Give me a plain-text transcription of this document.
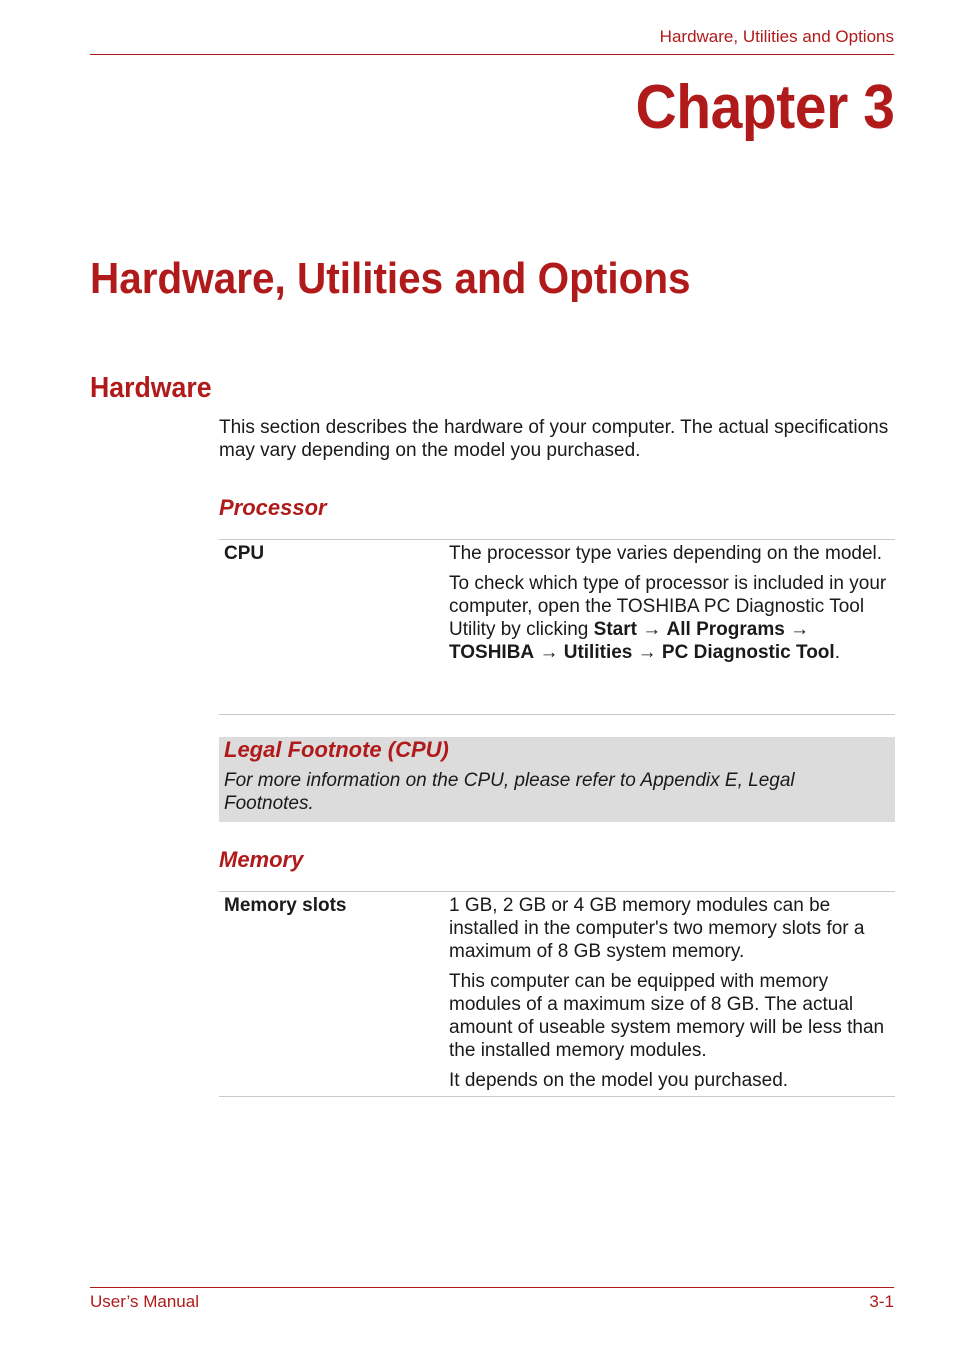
Hardware, Utilities and Options
Chapter 3
Hardware, Utilities and Options
Hardware
This section describes the hardware of your computer. The actual specifications may vary depending on the model you purchased.
Processor
CPU	The processor type varies depending on the model.

To check which type of processor is included in your computer, open the TOSHIBA PC Diagnostic Tool Utility by clicking Start → All Programs → TOSHIBA → Utilities → PC Diagnostic Tool.

Legal Footnote (CPU)
For more information on the CPU, please refer to Appendix E, Legal Footnotes.
Memory
Memory slots	1 GB, 2 GB or 4 GB memory modules can be installed in the computer's two memory slots for a maximum of 8 GB system memory.

This computer can be equipped with memory modules of a maximum size of 8 GB. The actual amount of useable system memory will be less than the installed memory modules.

It depends on the model you purchased.

User’s Manual	3-1
